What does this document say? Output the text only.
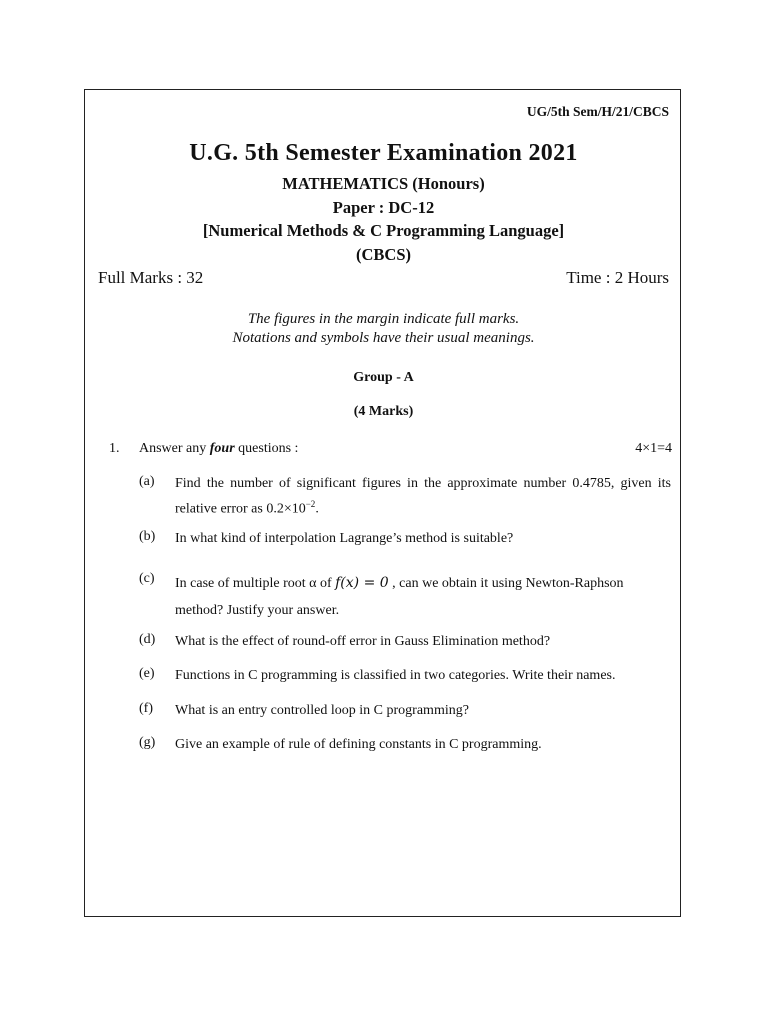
UG/5th Sem/H/21/CBCS
U.G. 5th Semester Examination 2021
MATHEMATICS (Honours)
Paper : DC-12
[Numerical Methods & C Programming Language]
(CBCS)
Full Marks : 32	Time : 2 Hours
The figures in the margin indicate full marks.
Notations and symbols have their usual meanings.
Group - A
(4 Marks)
1. Answer any four questions :	4×1=4
(a)	Find the number of significant figures in the approximate number 0.4785, given its relative error as $0.2\times 10^{-2}$.
(b)	In what kind of interpolation Lagrange’s method is suitable?
(c)	In case of multiple root α of f(x) = 0 , can we obtain it using Newton-Raphson method? Justify your answer.
(d)	What is the effect of round-off error in Gauss Elimination method?
(e)	Functions in C programming is classified in two categories. Write their names.
(f)	What is an entry controlled loop in C programming?
(g)	Give an example of rule of defining constants in C programming.
